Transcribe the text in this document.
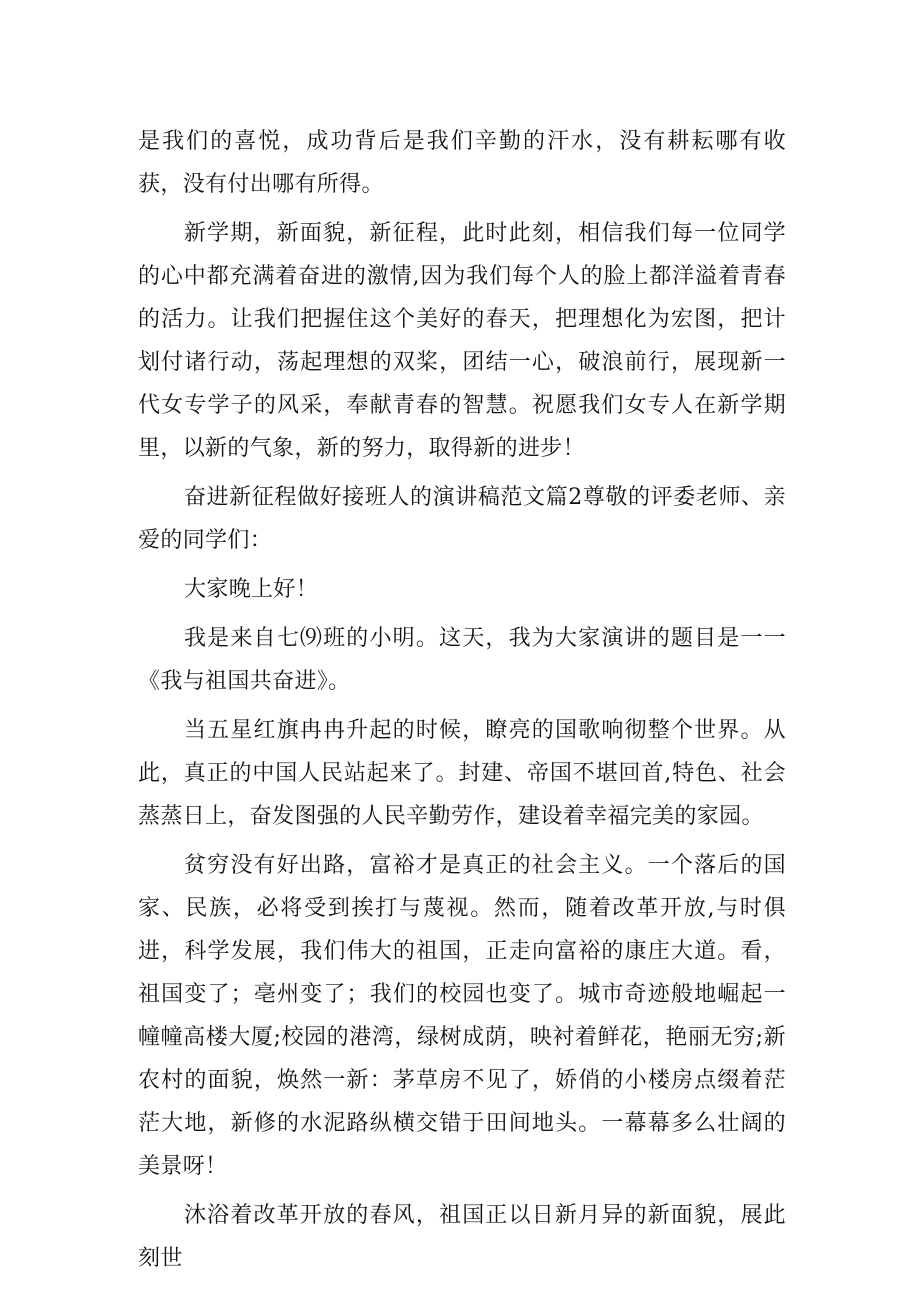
是我们的喜悦，成功背后是我们辛勤的汗水，没有耕耘哪有收获，没有付出哪有所得。

新学期，新面貌，新征程，此时此刻，相信我们每一位同学的心中都充满着奋进的激情,因为我们每个人的脸上都洋溢着青春的活力。让我们把握住这个美好的春天，把理想化为宏图，把计划付诸行动，荡起理想的双桨，团结一心，破浪前行，展现新一代女专学子的风采，奉献青春的智慧。祝愿我们女专人在新学期里，以新的气象，新的努力，取得新的进步！

奋进新征程做好接班人的演讲稿范文篇2尊敬的评委老师、亲爱的同学们：

大家晚上好！

我是来自七⑼班的小明。这天，我为大家演讲的题目是一一《我与祖国共奋进》。

当五星红旗冉冉升起的时候，瞭亮的国歌响彻整个世界。从此，真正的中国人民站起来了。封建、帝国不堪回首,特色、社会蒸蒸日上，奋发图强的人民辛勤劳作，建设着幸福完美的家园。

贫穷没有好出路，富裕才是真正的社会主义。一个落后的国家、民族，必将受到挨打与蔑视。然而，随着改革开放,与时俱进，科学发展，我们伟大的祖国，正走向富裕的康庄大道。看，祖国变了；亳州变了；我们的校园也变了。城市奇迹般地崛起一幢幢高楼大厦;校园的港湾，绿树成荫，映衬着鲜花，艳丽无穷;新农村的面貌，焕然一新：茅草房不见了，娇俏的小楼房点缀着茫茫大地，新修的水泥路纵横交错于田间地头。一幕幕多么壮阔的美景呀！

沐浴着改革开放的春风，祖国正以日新月异的新面貌，展此刻世
